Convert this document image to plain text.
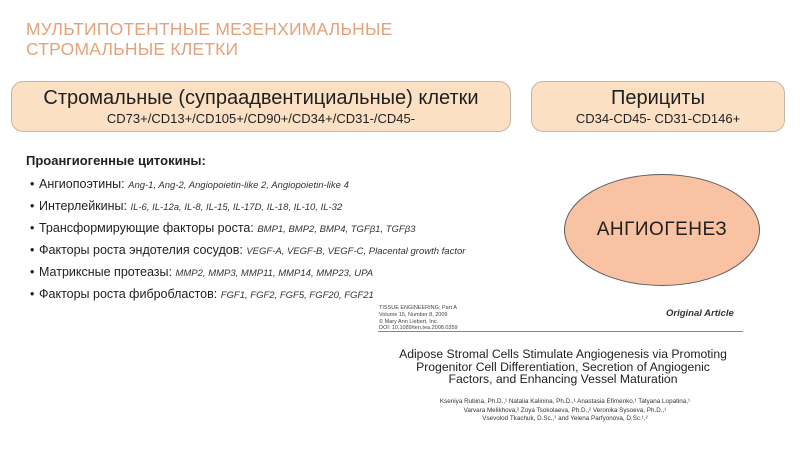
МУЛЬТИПОТЕНТНЫЕ МЕЗЕНХИМАЛЬНЫЕ
СТРОМАЛЬНЫЕ КЛЕТКИ
Стромальные (супраадвентициальные) клетки
CD73+/CD13+/CD105+/CD90+/CD34+/CD31-/CD45-
Перициты
CD34-CD45- CD31-CD146+
Проангиогенные цитокины:
• Ангиопоэтины: Ang-1, Ang-2, Angiopoietin-like 2, Angiopoietin-like 4
• Интерлейкины: IL-6, IL-12a, IL-8, IL-15, IL-17D, IL-18, IL-10, IL-32
• Трансформирующие факторы роста: BMP1, BMP2, BMP4, TGFβ1, TGFβ3
• Факторы роста эндотелия сосудов: VEGF-A, VEGF-B, VEGF-C, Placental growth factor
• Матриксные протеазы: MMP2, MMP3, MMP11, MMP14, MMP23, UPA
• Факторы роста фибробластов: FGF1, FGF2, FGF5, FGF20, FGF21
АНГИОГЕНЕЗ
TISSUE ENGINEERING: Part A
Volume 15, Number 8, 2009
© Mary Ann Liebert, Inc.
DOI: 10.1089/ten.tea.2008.0359
Original Article
Adipose Stromal Cells Stimulate Angiogenesis via Promoting
Progenitor Cell Differentiation, Secretion of Angiogenic
Factors, and Enhancing Vessel Maturation
Kseniya Rubina, Ph.D.,¹ Natalia Kalinina, Ph.D.,¹ Anastasia Efimenko,¹ Tatyana Lopatina,¹
Varvara Melikhova,² Zoya Tsokolaeva, Ph.D.,² Veronika Sysoeva, Ph.D.,¹
Vsevolod Tkachuk, D.Sc.,¹ and Yelena Parfyonova, D.Sc.¹,²
